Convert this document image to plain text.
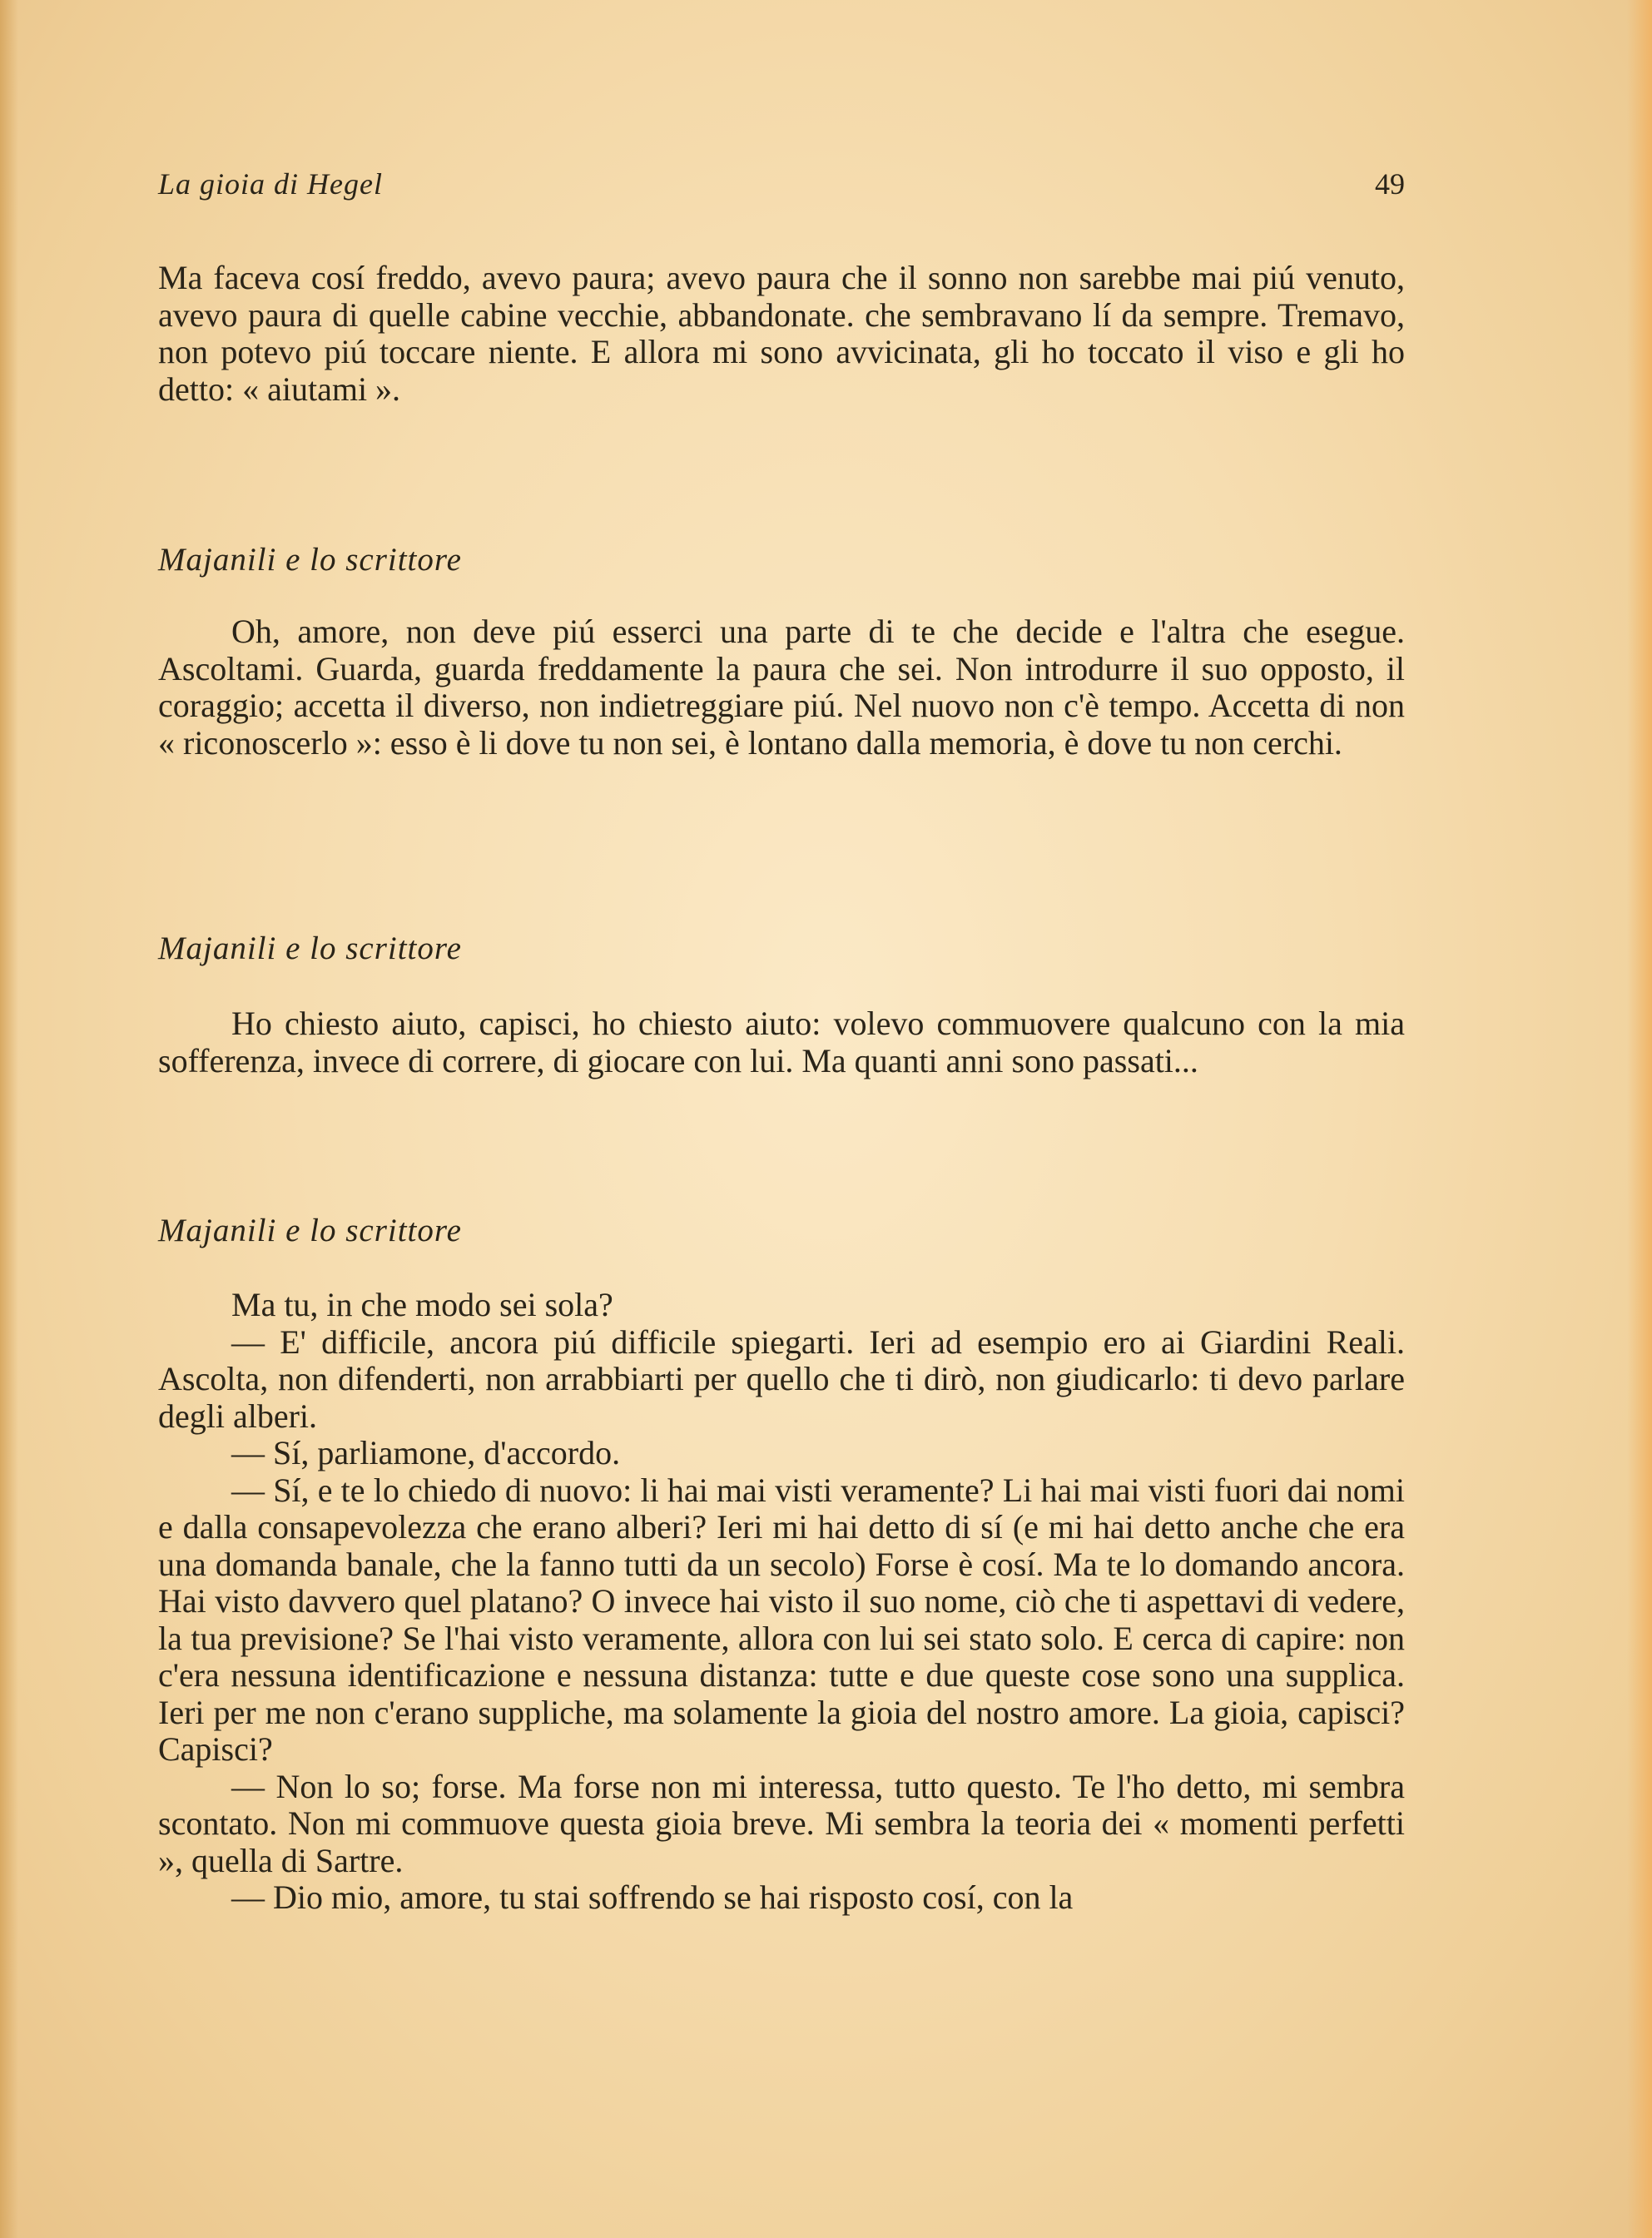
La gioia di Hegel	49

Ma faceva cosí freddo, avevo paura; avevo paura che il sonno non sarebbe mai piú venuto, avevo paura di quelle cabine vecchie, abbandonate. che sembravano lí da sempre. Tremavo, non potevo piú toccare niente. E allora mi sono avvicinata, gli ho toccato il viso e gli ho detto: « aiutami ».

Majanili e lo scrittore

Oh, amore, non deve piú esserci una parte di te che decide e l'altra che esegue. Ascoltami. Guarda, guarda freddamente la paura che sei. Non introdurre il suo opposto, il coraggio; accetta il diverso, non indietreggiare piú. Nel nuovo non c'è tempo. Accetta di non « riconoscerlo »: esso è li dove tu non sei, è lontano dalla memoria, è dove tu non cerchi.

Majanili e lo scrittore

Ho chiesto aiuto, capisci, ho chiesto aiuto: volevo commuovere qualcuno con la mia sofferenza, invece di correre, di giocare con lui. Ma quanti anni sono passati...

Majanili e lo scrittore

Ma tu, in che modo sei sola?

— E' difficile, ancora piú difficile spiegarti. Ieri ad esempio ero ai Giardini Reali. Ascolta, non difenderti, non arrabbiarti per quello che ti dirò, non giudicarlo: ti devo parlare degli alberi.

— Sí, parliamone, d'accordo.

— Sí, e te lo chiedo di nuovo: li hai mai visti veramente? Li hai mai visti fuori dai nomi e dalla consapevolezza che erano alberi? Ieri mi hai detto di sí (e mi hai detto anche che era una domanda banale, che la fanno tutti da un secolo) Forse è cosí. Ma te lo domando ancora. Hai visto davvero quel platano? O invece hai visto il suo nome, ciò che ti aspettavi di vedere, la tua previsione? Se l'hai visto veramente, allora con lui sei stato solo. E cerca di capire: non c'era nessuna identificazione e nessuna distanza: tutte e due queste cose sono una supplica. Ieri per me non c'erano suppliche, ma solamente la gioia del nostro amore. La gioia, capisci? Capisci?

— Non lo so; forse. Ma forse non mi interessa, tutto questo. Te l'ho detto, mi sembra scontato. Non mi commuove questa gioia breve. Mi sembra la teoria dei « momenti perfetti », quella di Sartre.

— Dio mio, amore, tu stai soffrendo se hai risposto cosí, con la
